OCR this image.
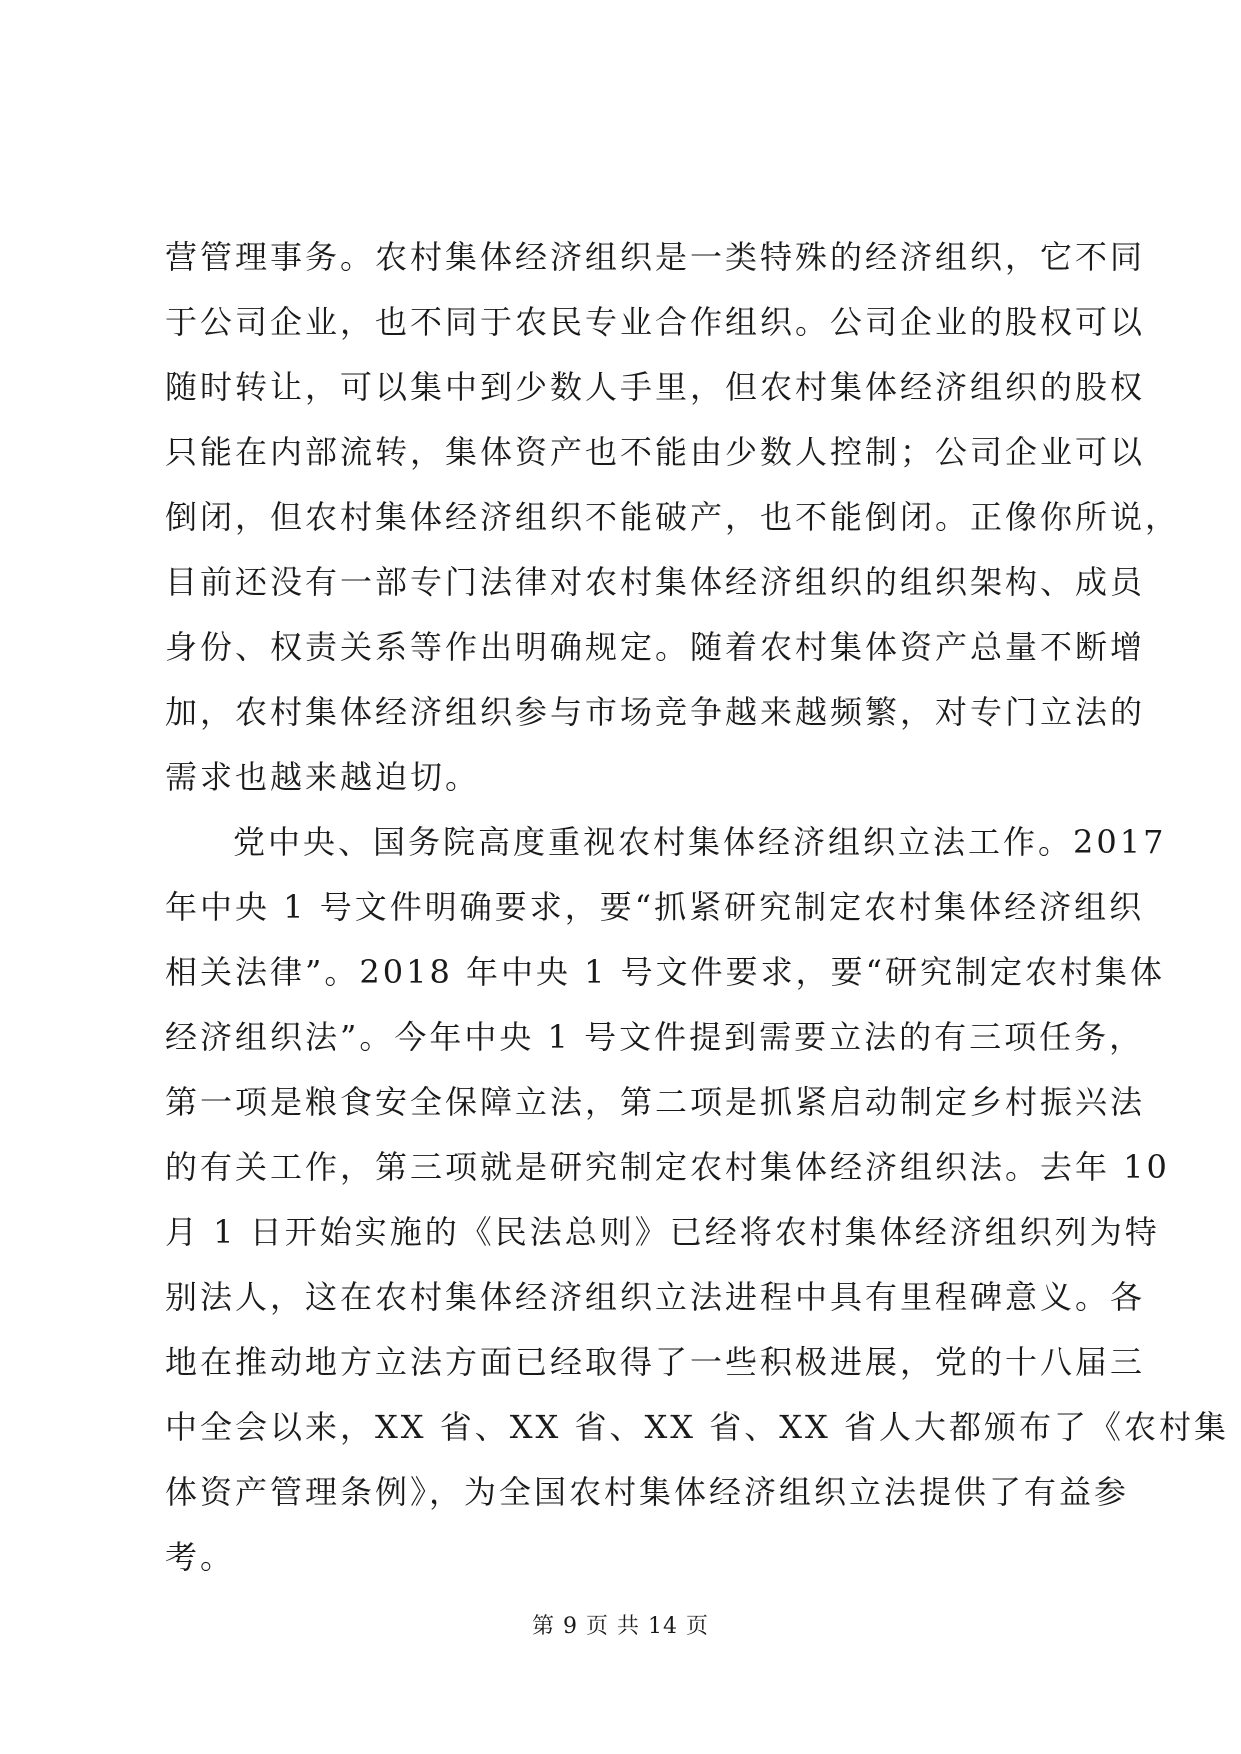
营管理事务。农村集体经济组织是一类特殊的经济组织，它不同
于公司企业，也不同于农民专业合作组织。公司企业的股权可以
随时转让，可以集中到少数人手里，但农村集体经济组织的股权
只能在内部流转，集体资产也不能由少数人控制；公司企业可以
倒闭，但农村集体经济组织不能破产，也不能倒闭。正像你所说，
目前还没有一部专门法律对农村集体经济组织的组织架构、成员
身份、权责关系等作出明确规定。随着农村集体资产总量不断增
加，农村集体经济组织参与市场竞争越来越频繁，对专门立法的
需求也越来越迫切。
党中央、国务院高度重视农村集体经济组织立法工作。2017
年中央 1 号文件明确要求，要“抓紧研究制定农村集体经济组织
相关法律”。2018 年中央 1 号文件要求，要“研究制定农村集体
经济组织法”。今年中央 1 号文件提到需要立法的有三项任务，
第一项是粮食安全保障立法，第二项是抓紧启动制定乡村振兴法
的有关工作，第三项就是研究制定农村集体经济组织法。去年 10
月 1 日开始实施的《民法总则》已经将农村集体经济组织列为特
别法人，这在农村集体经济组织立法进程中具有里程碑意义。各
地在推动地方立法方面已经取得了一些积极进展，党的十八届三
中全会以来，XX 省、XX 省、XX 省、XX 省人大都颁布了《农村集
体资产管理条例》，为全国农村集体经济组织立法提供了有益参
考。
第 9 页 共 14 页
